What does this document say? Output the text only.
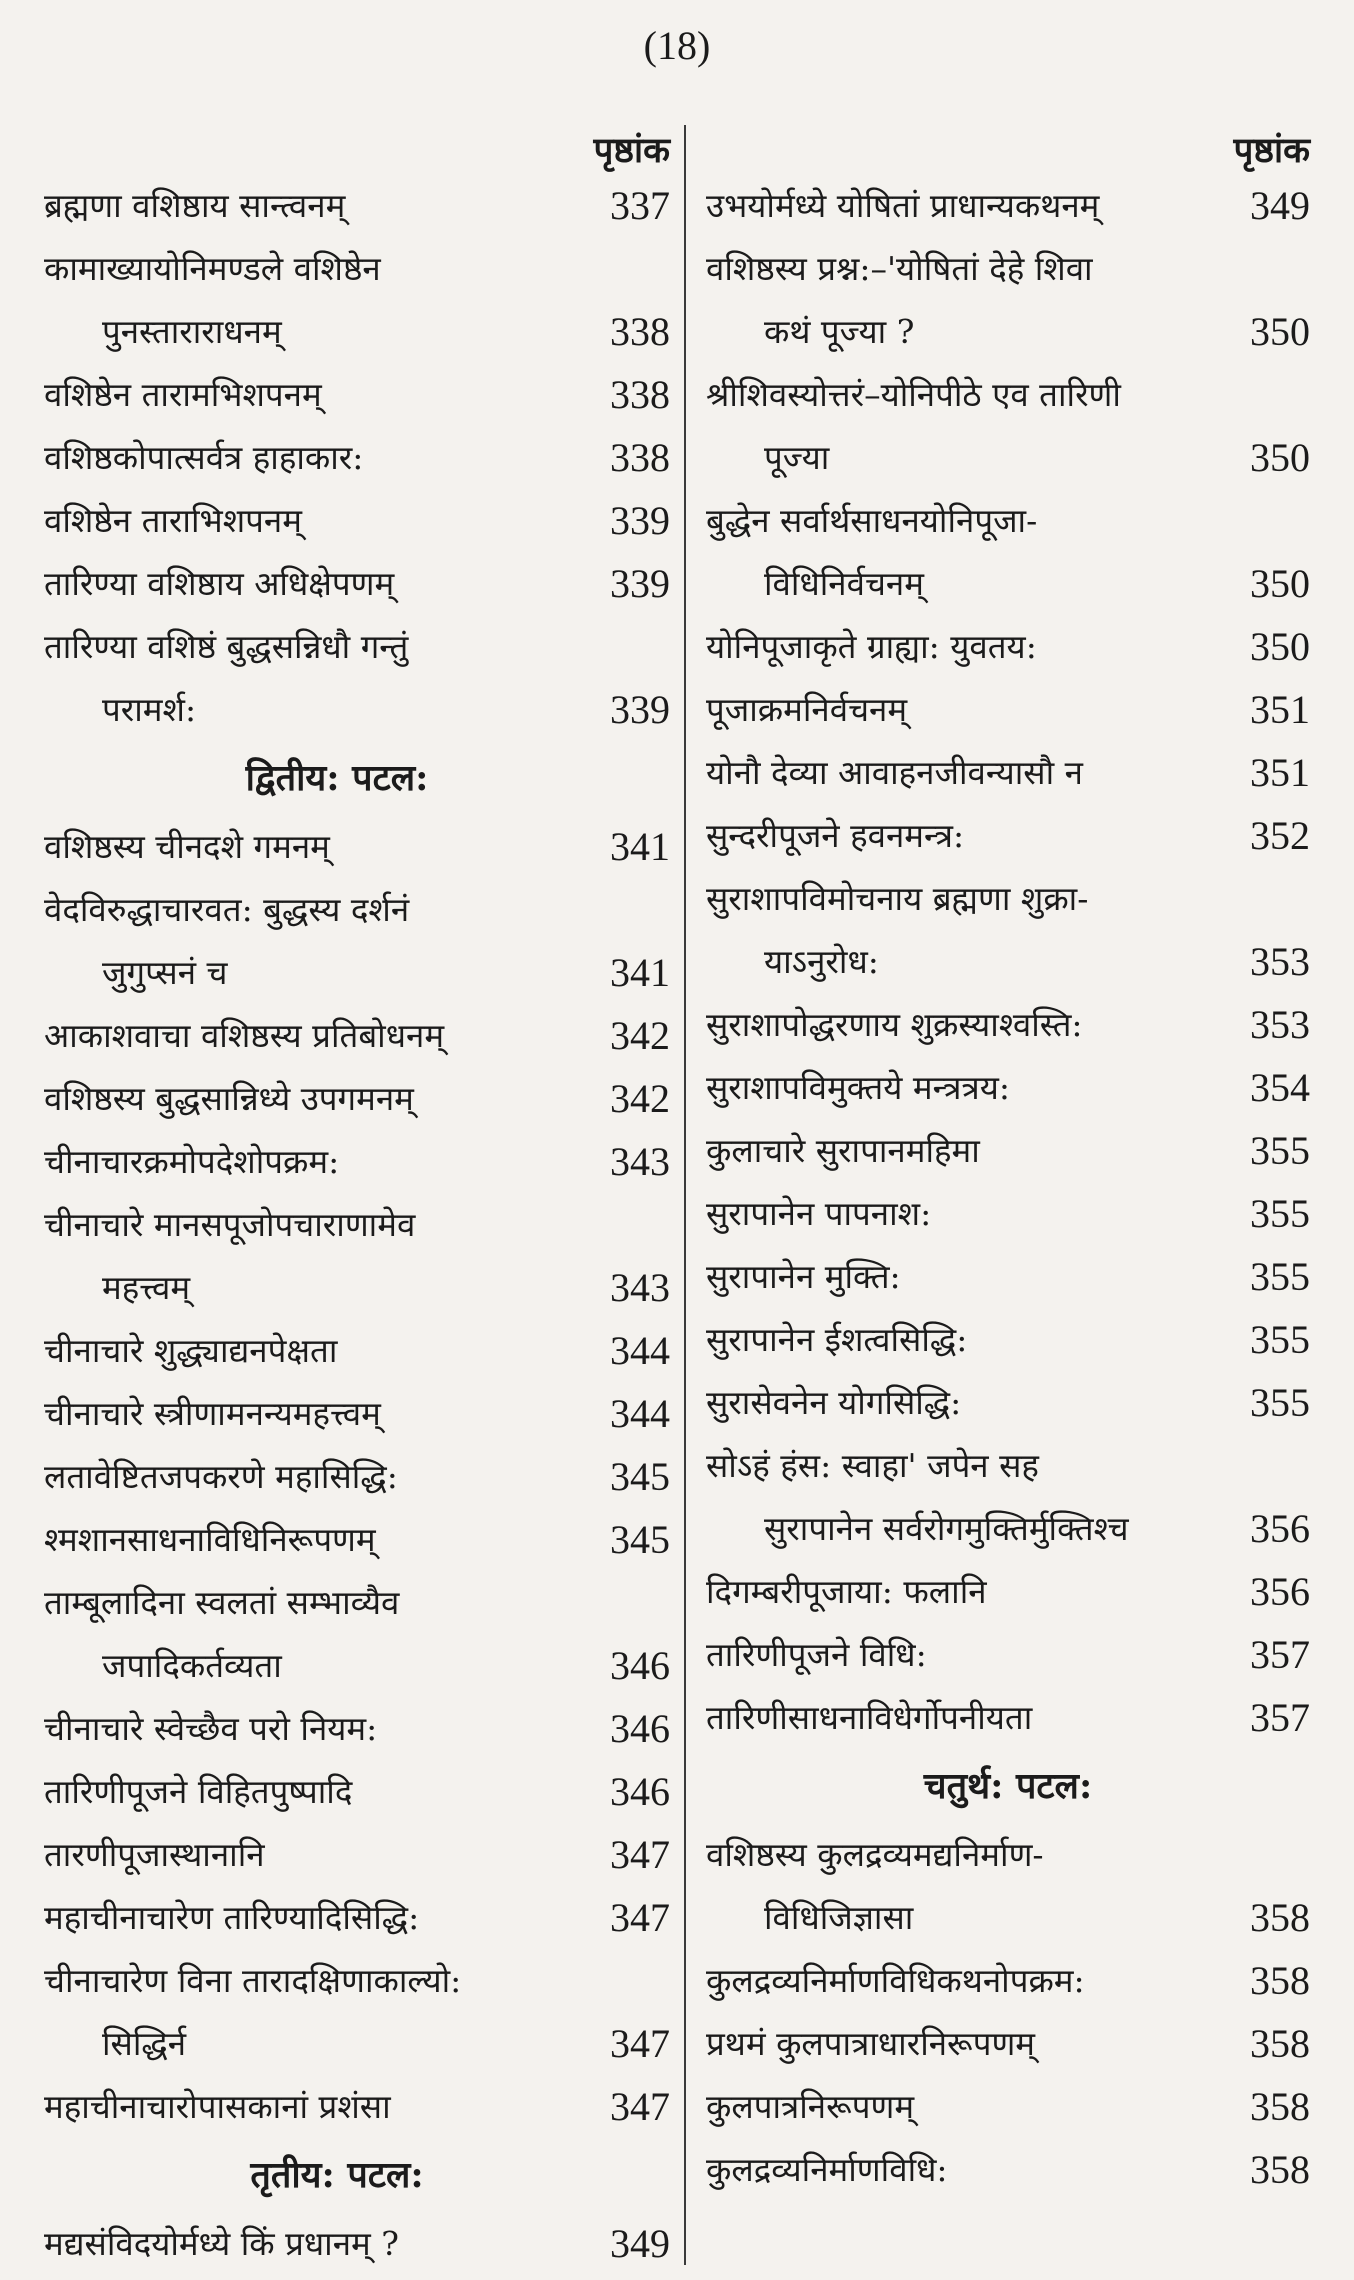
(18)
पृष्ठांक
ब्रह्मणा वशिष्ठाय सान्त्वनम्	337
कामाख्यायोनिमण्डले वशिष्ठेन
पुनस्ताराराधनम्	338
वशिष्ठेन तारामभिशपनम्	338
वशिष्ठकोपात्सर्वत्र हाहाकार:	338
वशिष्ठेन ताराभिशपनम्	339
तारिण्या वशिष्ठाय अधिक्षेपणम्	339
तारिण्या वशिष्ठं बुद्धसन्निधौ गन्तुं
परामर्श:	339
द्वितीय: पटल:
वशिष्ठस्य चीनदशे गमनम्	341
वेदविरुद्धाचारवत: बुद्धस्य दर्शनं
जुगुप्सनं च	341
आकाशवाचा वशिष्ठस्य प्रतिबोधनम्	342
वशिष्ठस्य बुद्धसान्निध्ये उपगमनम्	342
चीनाचारक्रमोपदेशोपक्रम:	343
चीनाचारे मानसपूजोपचाराणामेव
महत्त्वम्	343
चीनाचारे शुद्ध्याद्यनपेक्षता	344
चीनाचारे स्त्रीणामनन्यमहत्त्वम्	344
लतावेष्टितजपकरणे महासिद्धि:	345
श्मशानसाधनाविधिनिरूपणम्	345
ताम्बूलादिना स्वलतां सम्भाव्यैव
जपादिकर्तव्यता	346
चीनाचारे स्वेच्छैव परो नियम:	346
तारिणीपूजने विहितपुष्पादि	346
तारणीपूजास्थानानि	347
महाचीनाचारेण तारिण्यादिसिद्धि:	347
चीनाचारेण विना तारादक्षिणाकाल्यो:
सिद्धिर्न	347
महाचीनाचारोपासकानां प्रशंसा	347
तृतीय: पटल:
मद्यसंविदयोर्मध्ये किं प्रधानम् ?	349
पृष्ठांक
उभयोर्मध्ये योषितां प्राधान्यकथनम्	349
वशिष्ठस्य प्रश्न:–'योषितां देहे शिवा
कथं पूज्या ?	350
श्रीशिवस्योत्तरं–योनिपीठे एव तारिणी
पूज्या	350
बुद्धेन सर्वार्थसाधनयोनिपूजा-
विधिनिर्वचनम्	350
योनिपूजाकृते ग्राह्या: युवतय:	350
पूजाक्रमनिर्वचनम्	351
योनौ देव्या आवाहनजीवन्यासौ न	351
सुन्दरीपूजने हवनमन्त्र:	352
सुराशापविमोचनाय ब्रह्मणा शुक्रा-
याऽनुरोध:	353
सुराशापोद्धरणाय शुक्रस्याश्वस्ति:	353
सुराशापविमुक्तये मन्त्रत्रय:	354
कुलाचारे सुरापानमहिमा	355
सुरापानेन पापनाश:	355
सुरापानेन मुक्ति:	355
सुरापानेन ईशत्वसिद्धि:	355
सुरासेवनेन योगसिद्धि:	355
सोऽहं हंस: स्वाहा' जपेन सह
सुरापानेन सर्वरोगमुक्तिर्मुक्तिश्च	356
दिगम्बरीपूजाया: फलानि	356
तारिणीपूजने विधि:	357
तारिणीसाधनाविधेर्गोपनीयता	357
चतुर्थ: पटल:
वशिष्ठस्य कुलद्रव्यमद्यनिर्माण-
विधिजिज्ञासा	358
कुलद्रव्यनिर्माणविधिकथनोपक्रम:	358
प्रथमं कुलपात्राधारनिरूपणम्	358
कुलपात्रनिरूपणम्	358
कुलद्रव्यनिर्माणविधि:	358
